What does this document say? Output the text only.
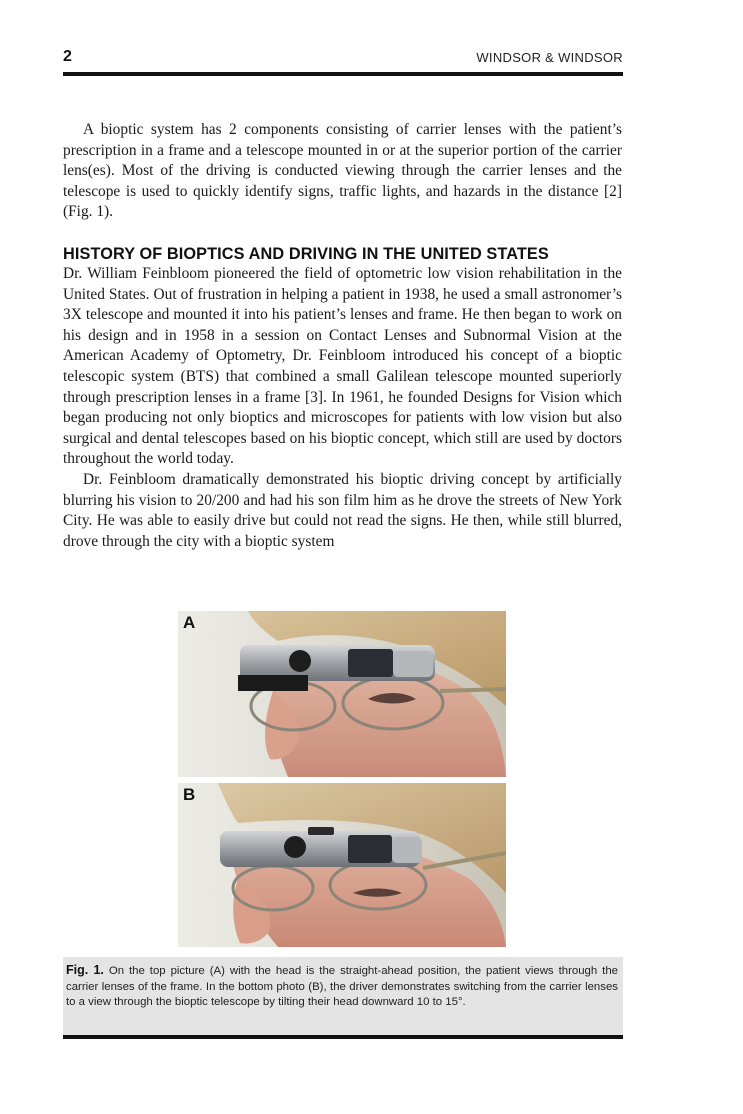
2	WINDSOR & WINDSOR

A bioptic system has 2 components consisting of carrier lenses with the patient’s prescription in a frame and a telescope mounted in or at the superior portion of the carrier lens(es). Most of the driving is conducted viewing through the carrier lenses and the telescope is used to quickly identify signs, traffic lights, and hazards in the distance [2] (Fig. 1).

HISTORY OF BIOPTICS AND DRIVING IN THE UNITED STATES

Dr. William Feinbloom pioneered the field of optometric low vision rehabilitation in the United States. Out of frustration in helping a patient in 1938, he used a small astronomer’s 3X telescope and mounted it into his patient’s lenses and frame. He then began to work on his design and in 1958 in a session on Contact Lenses and Subnormal Vision at the American Academy of Optometry, Dr. Feinbloom introduced his concept of a bioptic telescopic system (BTS) that combined a small Galilean telescope mounted superiorly through prescription lenses in a frame [3]. In 1961, he founded Designs for Vision which began producing not only bioptics and microscopes for patients with low vision but also surgical and dental telescopes based on his bioptic concept, which still are used by doctors throughout the world today.

Dr. Feinbloom dramatically demonstrated his bioptic driving concept by artificially blurring his vision to 20/200 and had his son film him as he drove the streets of New York City. He was able to easily drive but could not read the signs. He then, while still blurred, drove through the city with a bioptic system

A
B
Fig. 1. On the top picture (A) with the head is the straight-ahead position, the patient views through the carrier lenses of the frame. In the bottom photo (B), the driver demonstrates switching from the carrier lenses to a view through the bioptic telescope by tilting their head downward 10 to 15°.
